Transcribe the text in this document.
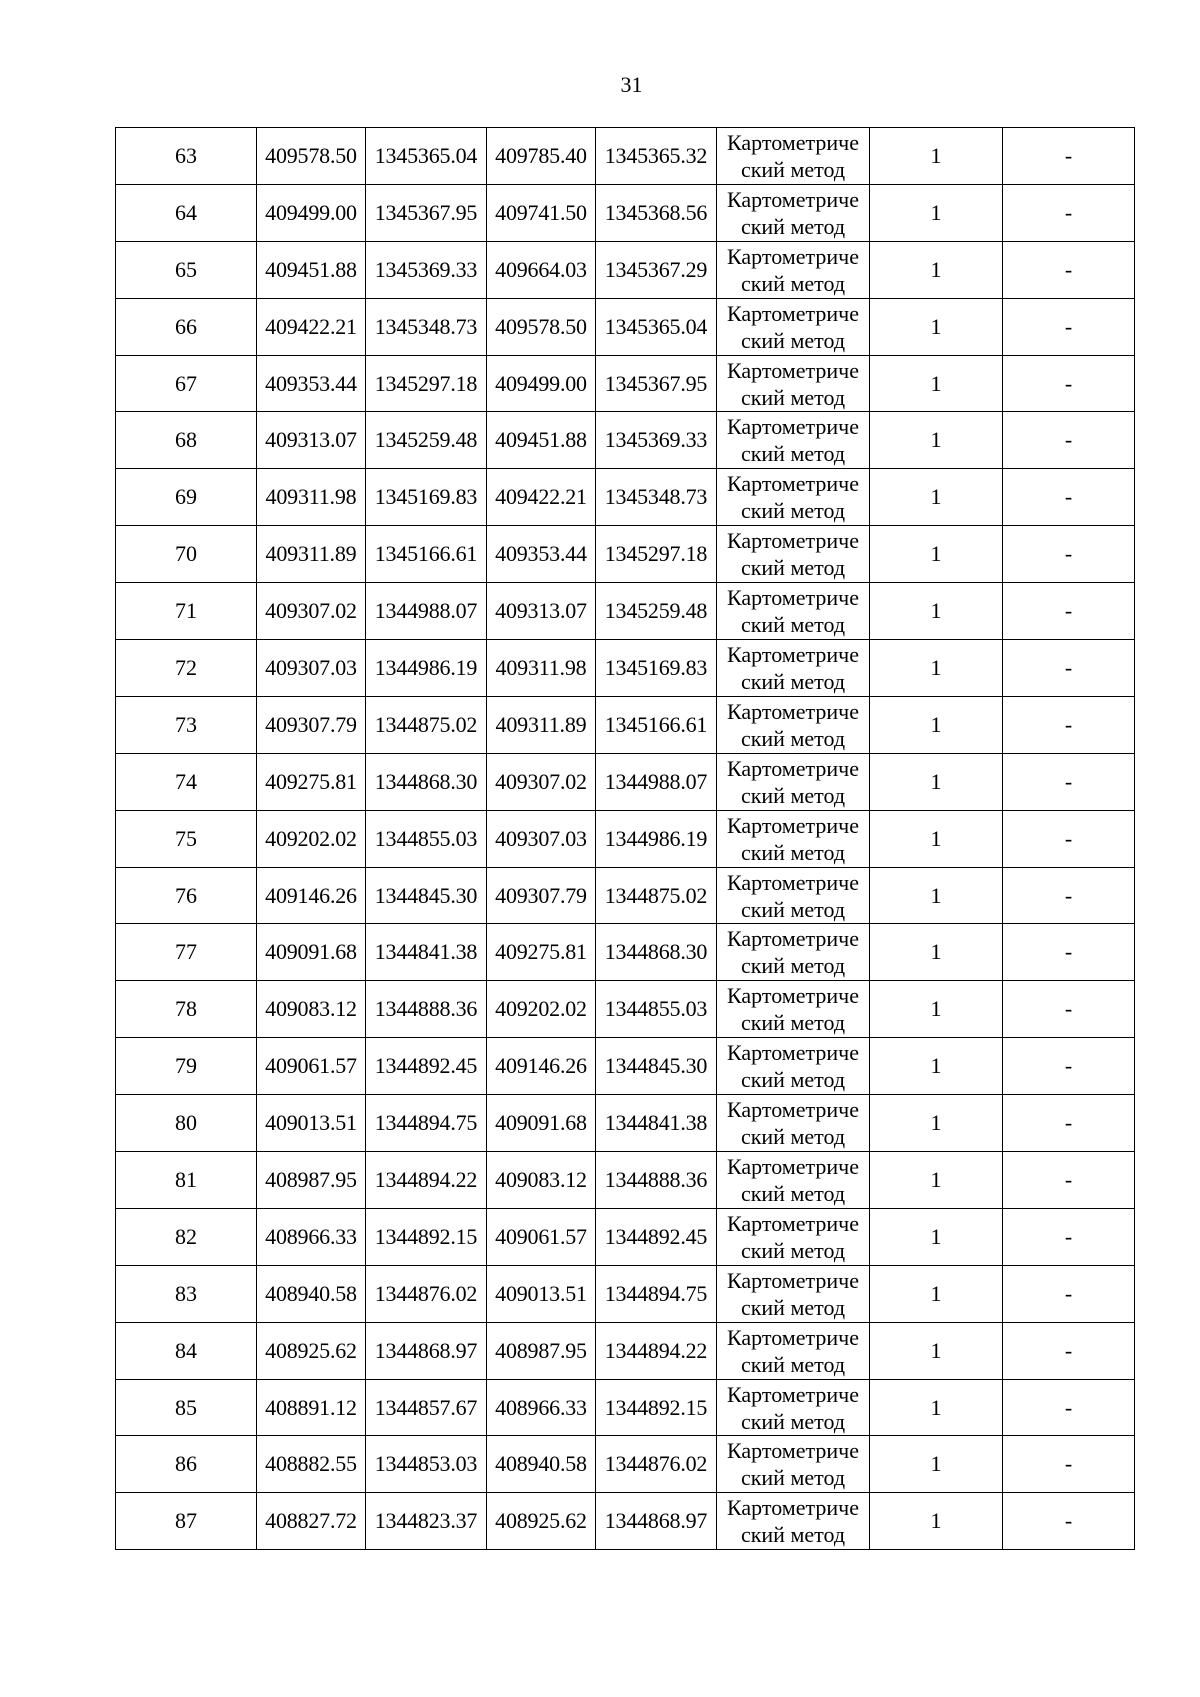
31
63	409578.50	1345365.04	409785.40	1345365.32	Картометриче
ский метод	1	-
64	409499.00	1345367.95	409741.50	1345368.56	Картометриче
ский метод	1	-
65	409451.88	1345369.33	409664.03	1345367.29	Картометриче
ский метод	1	-
66	409422.21	1345348.73	409578.50	1345365.04	Картометриче
ский метод	1	-
67	409353.44	1345297.18	409499.00	1345367.95	Картометриче
ский метод	1	-
68	409313.07	1345259.48	409451.88	1345369.33	Картометриче
ский метод	1	-
69	409311.98	1345169.83	409422.21	1345348.73	Картометриче
ский метод	1	-
70	409311.89	1345166.61	409353.44	1345297.18	Картометриче
ский метод	1	-
71	409307.02	1344988.07	409313.07	1345259.48	Картометриче
ский метод	1	-
72	409307.03	1344986.19	409311.98	1345169.83	Картометриче
ский метод	1	-
73	409307.79	1344875.02	409311.89	1345166.61	Картометриче
ский метод	1	-
74	409275.81	1344868.30	409307.02	1344988.07	Картометриче
ский метод	1	-
75	409202.02	1344855.03	409307.03	1344986.19	Картометриче
ский метод	1	-
76	409146.26	1344845.30	409307.79	1344875.02	Картометриче
ский метод	1	-
77	409091.68	1344841.38	409275.81	1344868.30	Картометриче
ский метод	1	-
78	409083.12	1344888.36	409202.02	1344855.03	Картометриче
ский метод	1	-
79	409061.57	1344892.45	409146.26	1344845.30	Картометриче
ский метод	1	-
80	409013.51	1344894.75	409091.68	1344841.38	Картометриче
ский метод	1	-
81	408987.95	1344894.22	409083.12	1344888.36	Картометриче
ский метод	1	-
82	408966.33	1344892.15	409061.57	1344892.45	Картометриче
ский метод	1	-
83	408940.58	1344876.02	409013.51	1344894.75	Картометриче
ский метод	1	-
84	408925.62	1344868.97	408987.95	1344894.22	Картометриче
ский метод	1	-
85	408891.12	1344857.67	408966.33	1344892.15	Картометриче
ский метод	1	-
86	408882.55	1344853.03	408940.58	1344876.02	Картометриче
ский метод	1	-
87	408827.72	1344823.37	408925.62	1344868.97	Картометриче
ский метод	1	-
